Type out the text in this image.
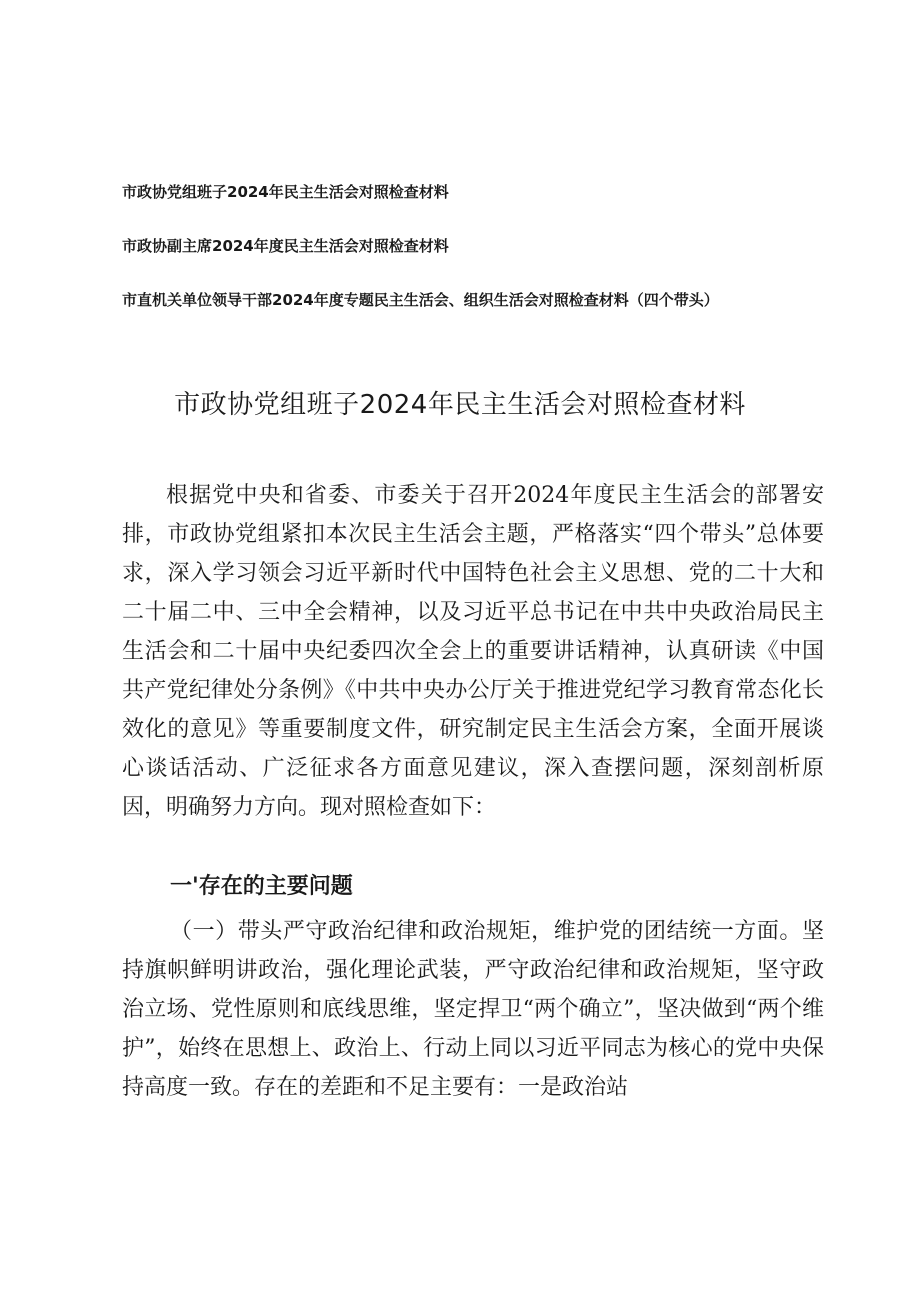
市政协党组班子2024年民主生活会对照检查材料
市政协副主席2024年度民主生活会对照检查材料
市直机关单位领导干部2024年度专题民主生活会、组织生活会对照检查材料（四个带头）
市政协党组班子2024年民主生活会对照检查材料
根据党中央和省委、市委关于召开2024年度民主生活会的部署安排，市政协党组紧扣本次民主生活会主题，严格落实“四个带头”总体要求，深入学习领会习近平新时代中国特色社会主义思想、党的二十大和二十届二中、三中全会精神，以及习近平总书记在中共中央政治局民主生活会和二十届中央纪委四次全会上的重要讲话精神，认真研读《中国共产党纪律处分条例》《中共中央办公厅关于推进党纪学习教育常态化长效化的意见》等重要制度文件，研究制定民主生活会方案，全面开展谈心谈话活动、广泛征求各方面意见建议，深入查摆问题，深刻剖析原因，明确努力方向。现对照检查如下：
一'存在的主要问题
（一）带头严守政治纪律和政治规矩，维护党的团结统一方面。坚持旗帜鲜明讲政治，强化理论武装，严守政治纪律和政治规矩，坚守政治立场、党性原则和底线思维，坚定捍卫“两个确立”，坚决做到“两个维护”，始终在思想上、政治上、行动上同以习近平同志为核心的党中央保持高度一致。存在的差距和不足主要有：一是政治站
